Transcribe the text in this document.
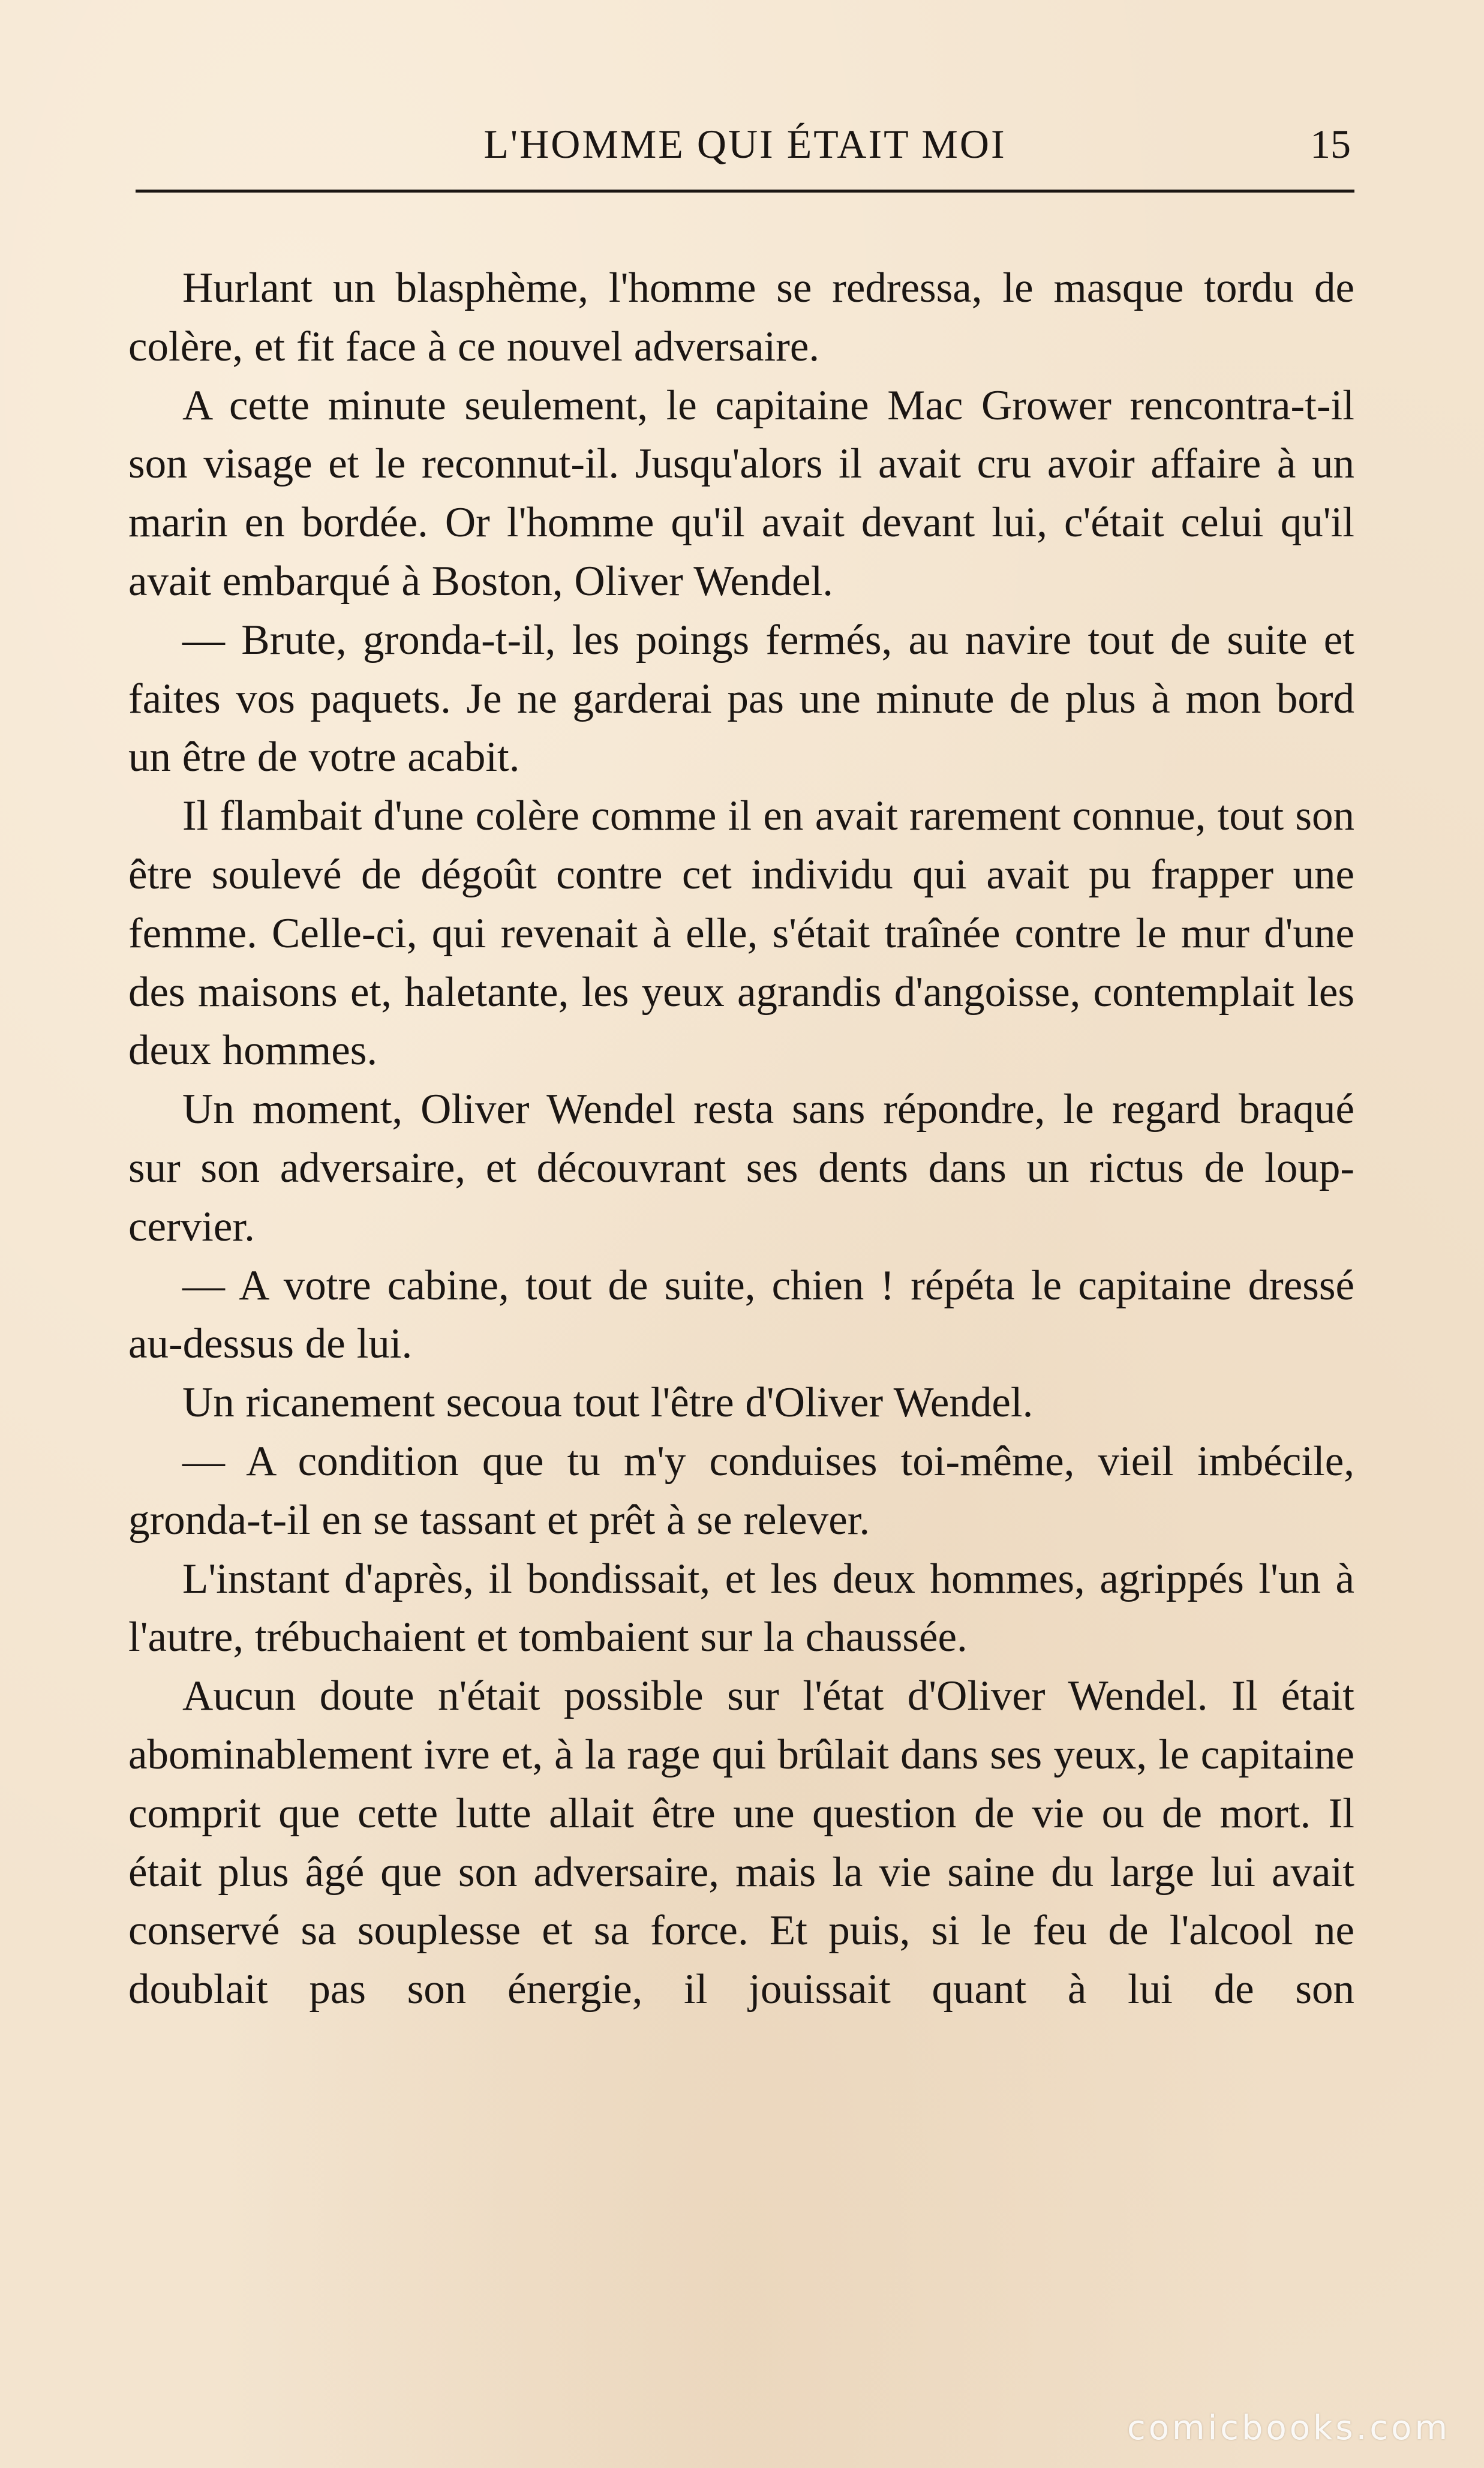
L'HOMME QUI ÉTAIT MOI	15

Hurlant un blasphème, l'homme se redressa, le masque tordu de colère, et fit face à ce nouvel adversaire.

A cette minute seulement, le capitaine Mac Grower rencontra-t-il son visage et le reconnut-il. Jusqu'alors il avait cru avoir affaire à un marin en bordée. Or l'homme qu'il avait devant lui, c'était celui qu'il avait embarqué à Boston, Oliver Wendel.

— Brute, gronda-t-il, les poings fermés, au navire tout de suite et faites vos paquets. Je ne garderai pas une minute de plus à mon bord un être de votre acabit.

Il flambait d'une colère comme il en avait rarement connue, tout son être soulevé de dégoût contre cet individu qui avait pu frapper une femme. Celle-ci, qui revenait à elle, s'était traînée contre le mur d'une des maisons et, haletante, les yeux agrandis d'angoisse, contemplait les deux hommes.

Un moment, Oliver Wendel resta sans répondre, le regard braqué sur son adversaire, et découvrant ses dents dans un rictus de loup-cervier.

— A votre cabine, tout de suite, chien ! répéta le capitaine dressé au-dessus de lui.

Un ricanement secoua tout l'être d'Oliver Wendel.

— A condition que tu m'y conduises toi-même, vieil imbécile, gronda-t-il en se tassant et prêt à se relever.

L'instant d'après, il bondissait, et les deux hommes, agrippés l'un à l'autre, trébuchaient et tombaient sur la chaussée.

Aucun doute n'était possible sur l'état d'Oliver Wendel. Il était abominablement ivre et, à la rage qui brûlait dans ses yeux, le capitaine comprit que cette lutte allait être une question de vie ou de mort. Il était plus âgé que son adversaire, mais la vie saine du large lui avait conservé sa souplesse et sa force. Et puis, si le feu de l'alcool ne doublait pas son énergie, il jouissait quant à lui de son

comicbooks.com
